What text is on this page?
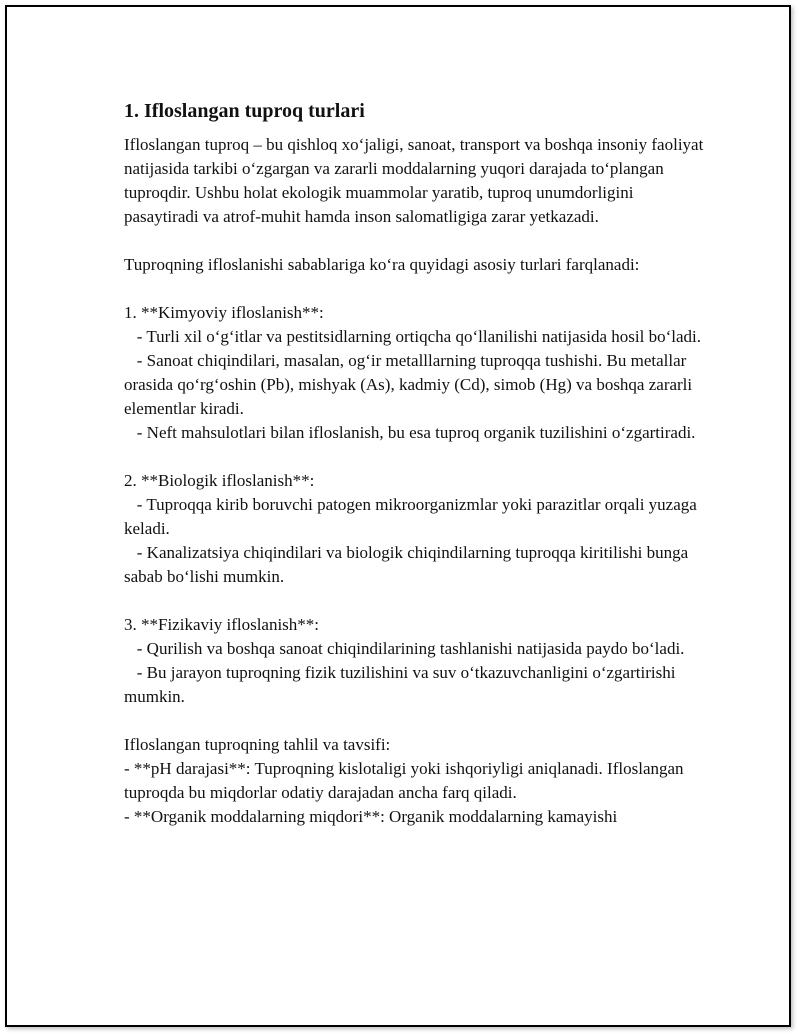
1. Ifloslangan tuproq turlari

Ifloslangan tuproq – bu qishloq xo‘jaligi, sanoat, transport va boshqa insoniy faoliyat natijasida tarkibi o‘zgargan va zararli moddalarning yuqori darajada to‘plangan tuproqdir. Ushbu holat ekologik muammolar yaratib, tuproq unumdorligini pasaytiradi va atrof-muhit hamda inson salomatligiga zarar yetkazadi.

Tuproqning ifloslanishi sabablariga ko‘ra quyidagi asosiy turlari farqlanadi:

1. **Kimyoviy ifloslanish**:
- Turli xil o‘g‘itlar va pestitsidlarning ortiqcha qo‘llanilishi natijasida hosil bo‘ladi.
- Sanoat chiqindilari, masalan, og‘ir metalllarning tuproqqa tushishi. Bu metallar orasida qo‘rg‘oshin (Pb), mishyak (As), kadmiy (Cd), simob (Hg) va boshqa zararli elementlar kiradi.
- Neft mahsulotlari bilan ifloslanish, bu esa tuproq organik tuzilishini o‘zgartiradi.
2. **Biologik ifloslanish**:
- Tuproqqa kirib boruvchi patogen mikroorganizmlar yoki parazitlar orqali yuzaga keladi.
- Kanalizatsiya chiqindilari va biologik chiqindilarning tuproqqa kiritilishi bunga sabab bo‘lishi mumkin.
3. **Fizikaviy ifloslanish**:
- Qurilish va boshqa sanoat chiqindilarining tashlanishi natijasida paydo bo‘ladi.
- Bu jarayon tuproqning fizik tuzilishini va suv o‘tkazuvchanligini o‘zgartirishi mumkin.
Ifloslangan tuproqning tahlil va tavsifi:
- **pH darajasi**: Tuproqning kislotaligi yoki ishqoriyligi aniqlanadi. Ifloslangan tuproqda bu miqdorlar odatiy darajadan ancha farq qiladi.
- **Organik moddalarning miqdori**: Organik moddalarning kamayishi
